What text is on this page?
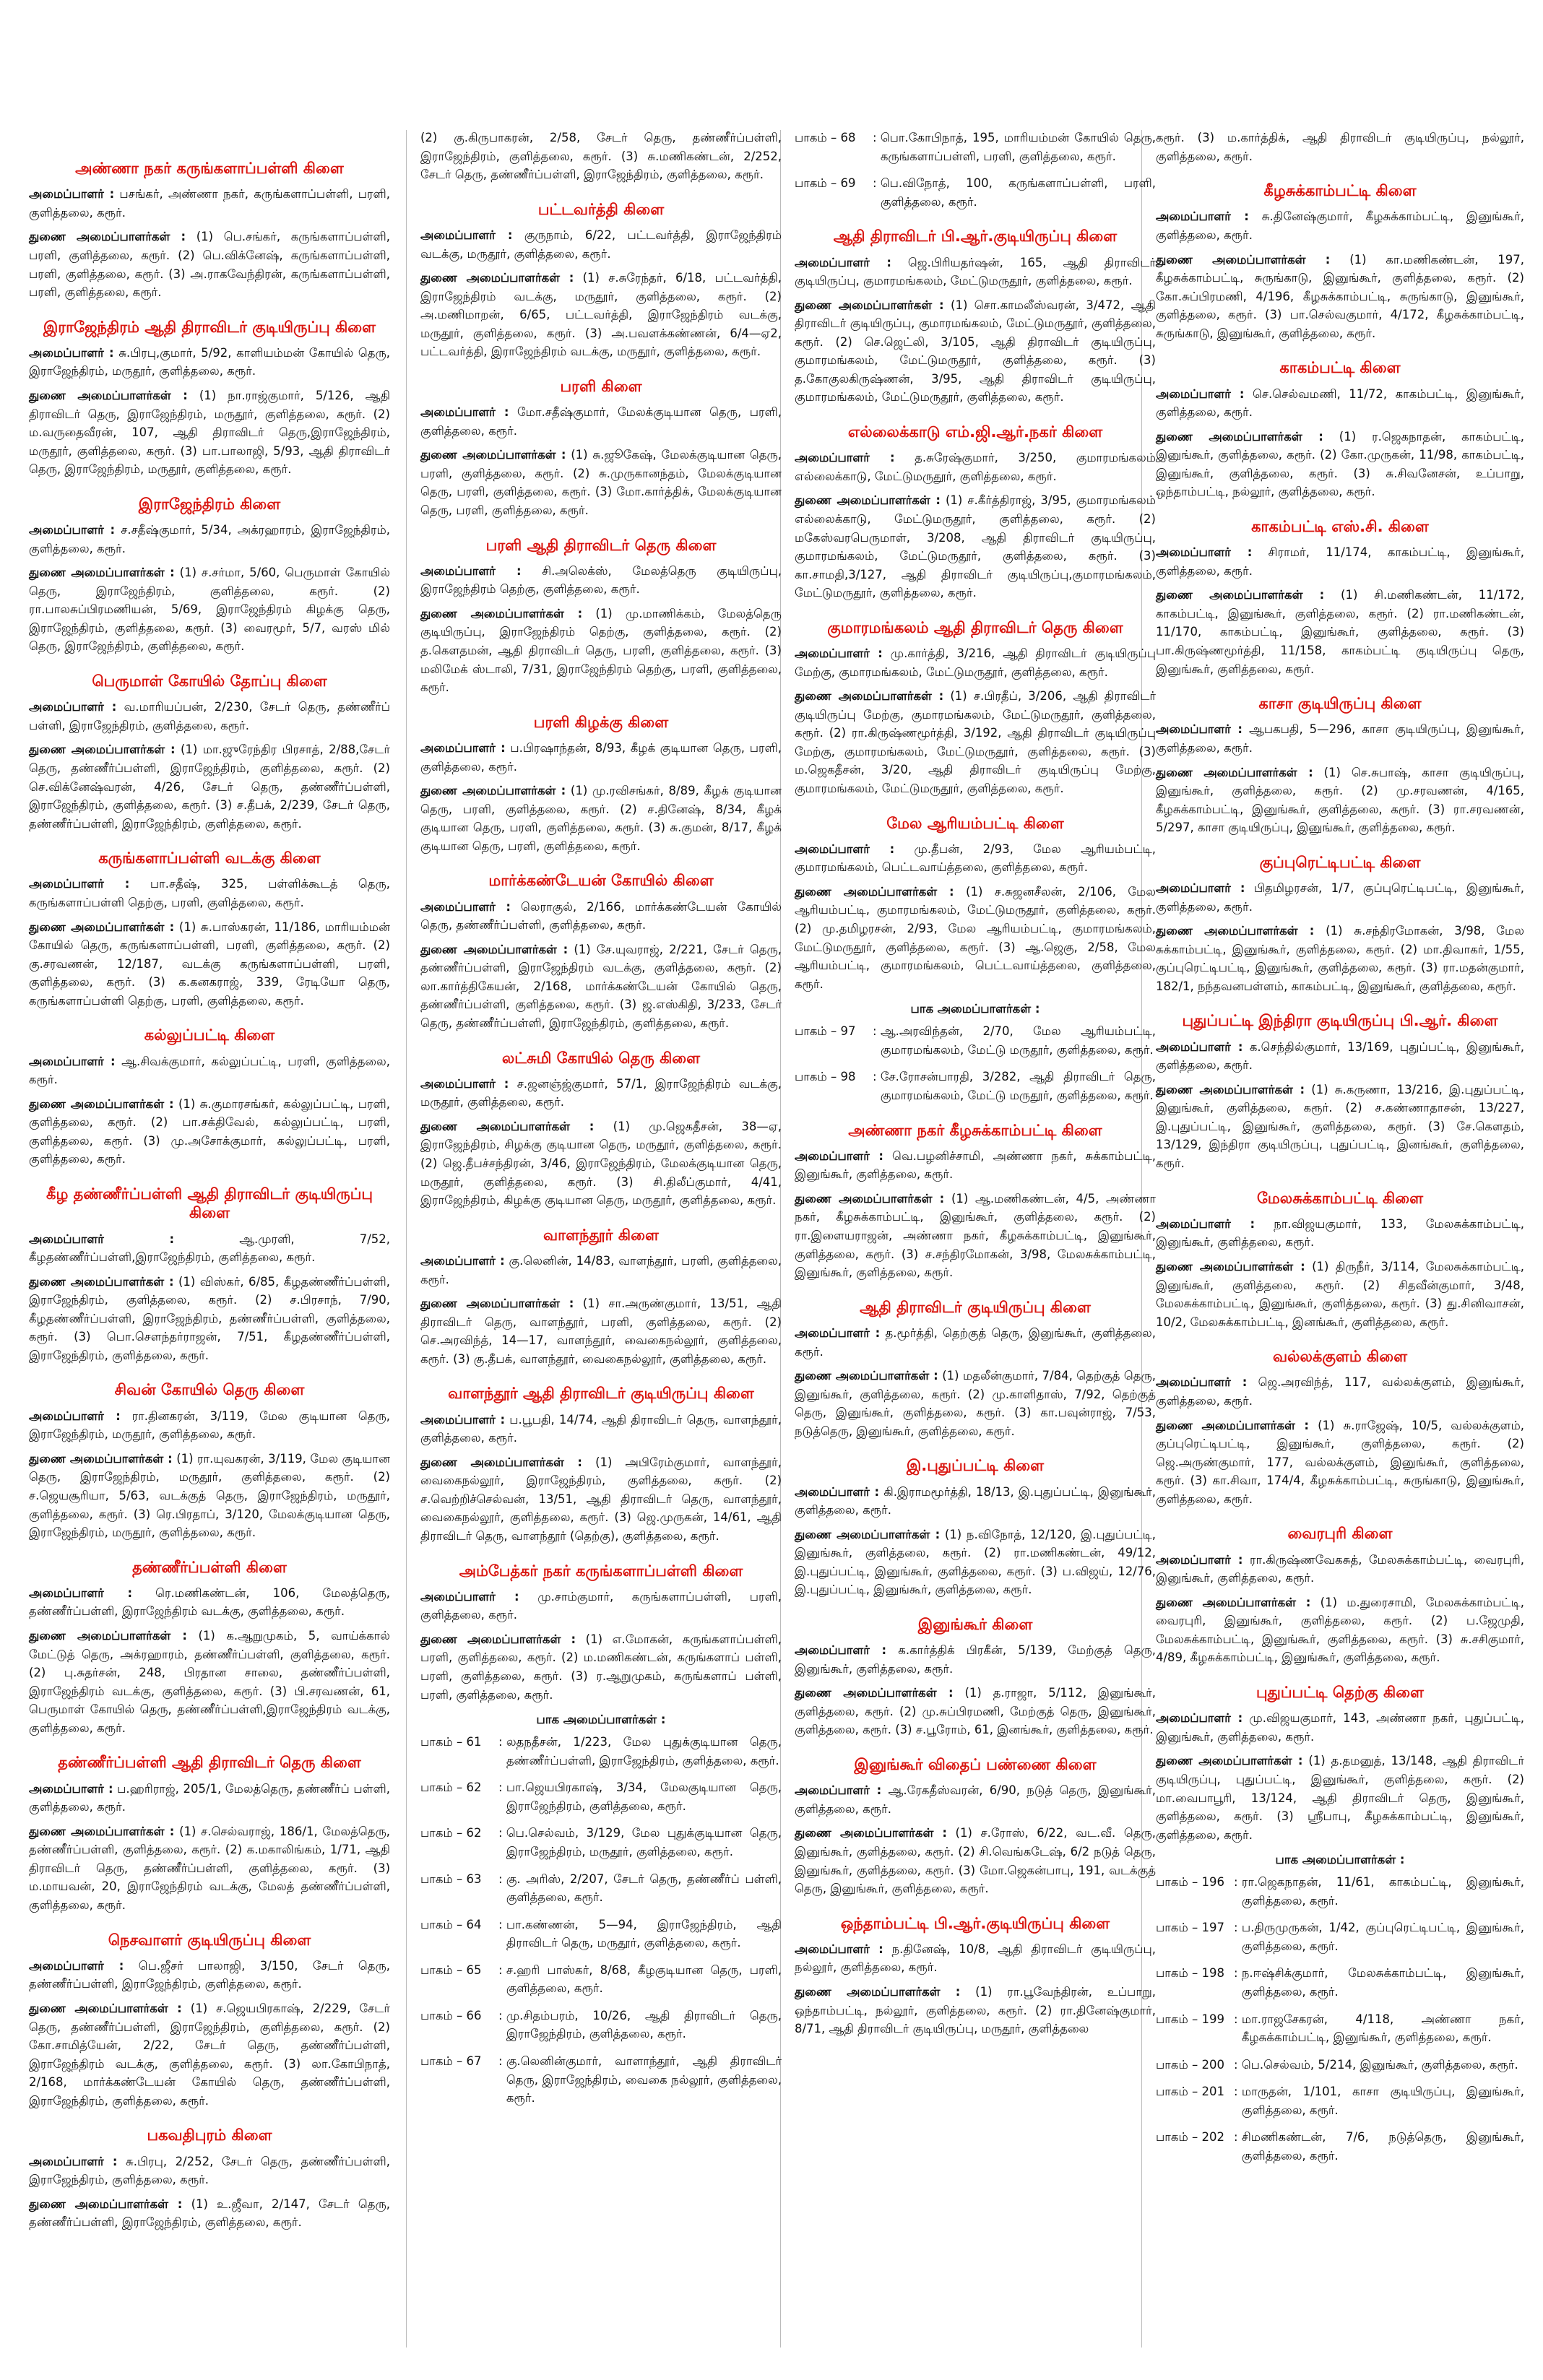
அண்ணா நகர் கருங்களாப்பள்ளி கிளை

அமைப்பாளர் : பசங்கர், அண்ணா நகர், கருங்களாப்பள்ளி, பரளி, குளித்தலை, கரூர்.

துணை அமைப்பாளர்கள் : (1) பெ.சங்கர், கருங்களாப்பள்ளி, பரளி, குளித்தலை, கரூர். (2) பெ.விக்னேஷ், கருங்களாப்பள்ளி, பரளி, குளித்தலை, கரூர். (3) அ.ராகவேந்திரன், கருங்களாப்பள்ளி, பரளி, குளித்தலை, கரூர்.

இராஜேந்திரம் ஆதி திராவிடர் குடியிருப்பு கிளை

அமைப்பாளர் : சு.பிரபு,குமார், 5/92, காளியம்மன் கோயில் தெரு, இராஜேந்திரம், மருதூர், குளித்தலை, கரூர்.

துணை அமைப்பாளர்கள் : (1) நா.ராஜ்குமார், 5/126, ஆதி திராவிடர் தெரு, இராஜேந்திரம், மருதூர், குளித்தலை, கரூர். (2) ம.வருதைவீரன், 107, ஆதி திராவிடர் தெரு,இராஜேந்திரம், மருதூர், குளித்தலை, கரூர். (3) பா.பாலாஜி, 5/93, ஆதி திராவிடர் தெரு, இராஜேந்திரம், மருதூர், குளித்தலை, கரூர்.

இராஜேந்திரம் கிளை

அமைப்பாளர் : ச.சதீஷ்குமார், 5/34, அக்ரஹாரம், இராஜேந்திரம், குளித்தலை, கரூர்.

துணை அமைப்பாளர்கள் : (1) ச.சர்மா, 5/60, பெருமாள் கோயில் தெரு, இராஜேந்திரம், குளித்தலை, கரூர். (2) ரா.பாலசுப்பிரமணியன், 5/69, இராஜேந்திரம் கிழக்கு தெரு, இராஜேந்திரம், குளித்தலை, கரூர். (3) வைரமூர், 5/7, வரஸ் மில் தெரு, இராஜேந்திரம், குளித்தலை, கரூர்.

பெருமாள் கோயில் தோப்பு கிளை

அமைப்பாளர் : வ.மாரியப்பன், 2/230, சேடர் தெரு, தண்ணீர்ப் பள்ளி, இராஜேந்திரம், குளித்தலை, கரூர்.

துணை அமைப்பாளர்கள் : (1) மா.ஜுரேந்திர பிரசாத், 2/88,சேடர் தெரு, தண்ணீர்ப்பள்ளி, இராஜேந்திரம், குளித்தலை, கரூர். (2) செ.விக்னேஷ்வரன், 4/26, சேடர் தெரு, தண்ணீர்ப்பள்ளி, இராஜேந்திரம், குளித்தலை, கரூர். (3) ச.தீபக், 2/239, சேடர் தெரு, தண்ணீர்ப்பள்ளி, இராஜேந்திரம், குளித்தலை, கரூர்.

கருங்களாப்பள்ளி வடக்கு கிளை

அமைப்பாளர் : பா.சதீஷ், 325, பள்ளிக்கூடத் தெரு, கருங்களாப்பள்ளி தெற்கு, பரளி, குளித்தலை, கரூர்.

துணை அமைப்பாளர்கள் : (1) சு.பாஸ்கரன், 11/186, மாரியம்மன் கோயில் தெரு, கருங்களாப்பள்ளி, பரளி, குளித்தலை, கரூர். (2) கு.சரவணன், 12/187, வடக்கு கருங்களாப்பள்ளி, பரளி, குளித்தலை, கரூர். (3) க.கனகராஜ், 339, ரேடியோ தெரு, கருங்களாப்பள்ளி தெற்கு, பரளி, குளித்தலை, கரூர்.

கல்லுப்பட்டி கிளை

அமைப்பாளர் : ஆ.சிவக்குமார், கல்லுப்பட்டி, பரளி, குளித்தலை, கரூர்.

துணை அமைப்பாளர்கள் : (1) சு.குமாரசங்கர், கல்லுப்பட்டி, பரளி, குளித்தலை, கரூர். (2) பா.சக்திவேல், கல்லுப்பட்டி, பரளி, குளித்தலை, கரூர். (3) மு.அசோக்குமார், கல்லுப்பட்டி, பரளி, குளித்தலை, கரூர்.

கீழ தண்ணீர்ப்பள்ளி ஆதி திராவிடர் குடியிருப்பு கிளை

அமைப்பாளர் :	ஆ.முரளி, 7/52, கீழதண்ணீர்ப்பள்ளி,இராஜேந்திரம், குளித்தலை, கரூர்.

துணை அமைப்பாளர்கள் : (1) விஸ்கர், 6/85, கீழதண்ணீர்ப்பள்ளி, இராஜேந்திரம், குளித்தலை, கரூர். (2) ச.பிரசாந், 7/90, கீழதண்ணீர்ப்பள்ளி, இராஜேந்திரம், தண்ணீர்ப்பள்ளி, குளித்தலை, கரூர். (3) பொ.செளந்தர்ராஜன், 7/51, கீழதண்ணீர்ப்பள்ளி, இராஜேந்திரம், குளித்தலை, கரூர்.

சிவன் கோயில் தெரு கிளை

அமைப்பாளர் : ரா.தினகரன், 3/119, மேல குடியான தெரு, இராஜேந்திரம், மருதூர், குளித்தலை, கரூர்.

துணை அமைப்பாளர்கள் : (1) ரா.யுவகரன், 3/119, மேல குடியான தெரு, இராஜேந்திரம், மருதூர், குளித்தலை, கரூர். (2) ச.ஜெயசூரியா, 5/63, வடக்குத் தெரு, இராஜேந்திரம், மருதூர், குளித்தலை, கரூர். (3) ரெ.பிரதாப், 3/120, மேலக்குடியான தெரு, இராஜேந்திரம், மருதூர், குளித்தலை, கரூர்.

தண்ணீர்ப்பள்ளி கிளை

அமைப்பாளர் : ரெ.மணிகண்டன், 106, மேலத்தெரு, தண்ணீர்ப்பள்ளி, இராஜேந்திரம் வடக்கு, குளித்தலை, கரூர்.

துணை அமைப்பாளர்கள் : (1) க.ஆறுமுகம், 5, வாய்க்கால் மேட்டுத் தெரு, அக்ரஹாரம், தண்ணீர்ப்பள்ளி, குளித்தலை, கரூர். (2) பு.சுதர்சன், 248, பிரதான சாலை, தண்ணீர்ப்பள்ளி, இராஜேந்திரம் வடக்கு, குளித்தலை, கரூர். (3) பி.சரவணன், 61, பெருமாள் கோயில் தெரு, தண்ணீர்ப்பள்ளி,இராஜேந்திரம் வடக்கு, குளித்தலை, கரூர்.

தண்ணீர்ப்பள்ளி ஆதி திராவிடர் தெரு கிளை

அமைப்பாளர் : ப.ஹரிராஜ், 205/1, மேலத்தெரு, தண்ணீர்ப் பள்ளி, குளித்தலை, கரூர்.

துணை அமைப்பாளர்கள் : (1) ச.செல்வராஜ், 186/1, மேலத்தெரு, தண்ணீர்ப்பள்ளி, குளித்தலை, கரூர். (2) க.மகாலிங்கம், 1/71, ஆதி திராவிடர் தெரு, தண்ணீர்ப்பள்ளி, குளித்தலை, கரூர். (3) ம.மாயவன், 20, இராஜேந்திரம் வடக்கு, மேலத் தண்ணீர்ப்பள்ளி, குளித்தலை, கரூர்.

நெசவாளர் குடியிருப்பு கிளை

அமைப்பாளர் : பெ.ஜீசர் பாலாஜி, 3/150, சேடர் தெரு, தண்ணீர்ப்பள்ளி, இராஜேந்திரம், குளித்தலை, கரூர்.

துணை அமைப்பாளர்கள் : (1) ச.ஜெயபிரகாஷ், 2/229, சேடர் தெரு, தண்ணீர்ப்பள்ளி, இராஜேந்திரம், குளித்தலை, கரூர். (2) கோ.சாமித்யேன், 2/22, சேடர் தெரு, தண்ணீர்ப்பள்ளி, இராஜேந்திரம் வடக்கு, குளித்தலை, கரூர். (3) லா.கோபிநாத், 2/168, மார்க்கண்டேயன் கோயில் தெரு, தண்ணீர்ப்பள்ளி, இராஜேந்திரம், குளித்தலை, கரூர்.

பகவதிபுரம் கிளை

அமைப்பாளர் : சு.பிரபு, 2/252, சேடர் தெரு, தண்ணீர்ப்பள்ளி, இராஜேந்திரம், குளித்தலை, கரூர்.

துணை அமைப்பாளர்கள் : (1) உ.ஜீவா, 2/147, சேடர் தெரு, தண்ணீர்ப்பள்ளி, இராஜேந்திரம், குளித்தலை, கரூர்.

(2) கு.கிருபாகரன், 2/58, சேடர் தெரு, தண்ணீர்ப்பள்ளி, இராஜேந்திரம், குளித்தலை, கரூர். (3) சு.மணிகண்டன், 2/252, சேடர் தெரு, தண்ணீர்ப்பள்ளி, இராஜேந்திரம், குளித்தலை, கரூர்.

பட்டவர்த்தி கிளை

அமைப்பாளர் : குருநாம், 6/22, பட்டவர்த்தி, இராஜேந்திரம் வடக்கு, மருதூர், குளித்தலை, கரூர்.

துணை அமைப்பாளர்கள் : (1) ச.சுரேந்தர், 6/18, பட்டவர்த்தி, இராஜேந்திரம் வடக்கு, மருதூர், குளித்தலை, கரூர். (2) அ.மணிமாறன், 6/65, பட்டவர்த்தி, இராஜேந்திரம் வடக்கு, மருதூர், குளித்தலை, கரூர். (3) அ.பவளக்கண்ணன், 6/4—ஏ2, பட்டவர்த்தி, இராஜேந்திரம் வடக்கு, மருதூர், குளித்தலை, கரூர்.

பரளி கிளை

அமைப்பாளர் : மோ.சதீஷ்குமார், மேலக்குடியான தெரு, பரளி, குளித்தலை, கரூர்.

துணை அமைப்பாளர்கள் : (1) சு.ஜூகேஷ், மேலக்குடியான தெரு, பரளி, குளித்தலை, கரூர். (2) சு.முருகானந்தம், மேலக்குடியான தெரு, பரளி, குளித்தலை, கரூர். (3) மோ.கார்த்திக், மேலக்குடியான தெரு, பரளி, குளித்தலை, கரூர்.

பரளி ஆதி திராவிடர் தெரு கிளை

அமைப்பாளர் : சி.அலெக்ஸ், மேலத்தெரு குடியிருப்பு, இராஜேந்திரம் தெற்கு, குளித்தலை, கரூர்.

துணை அமைப்பாளர்கள் : (1) மு.மாணிக்கம், மேலத்தெரு குடியிருப்பு, இராஜேந்திரம் தெற்கு, குளித்தலை, கரூர். (2) த.கௌதமன், ஆதி திராவிடர் தெரு, பரளி, குளித்தலை, கரூர். (3) மலிமேக் ஸ்டாலி, 7/31, இராஜேந்திரம் தெற்கு, பரளி, குளித்தலை, கரூர்.

பரளி கிழக்கு கிளை

அமைப்பாளர் : ப.பிரஷாந்தன், 8/93, கீழக் குடியான தெரு, பரளி, குளித்தலை, கரூர்.

துணை அமைப்பாளர்கள் : (1) மு.ரவிசங்கர், 8/89, கீழக் குடியான தெரு, பரளி, குளித்தலை, கரூர். (2) ச.தினேஷ், 8/34, கீழக் குடியான தெரு, பரளி, குளித்தலை, கரூர். (3) சு.குமன், 8/17, கீழக் குடியான தெரு, பரளி, குளித்தலை, கரூர்.

மார்க்கண்டேயன் கோயில் கிளை

அமைப்பாளர் : லெராகுல், 2/166, மார்க்கண்டேயன் கோயில் தெரு, தண்ணீர்ப்பள்ளி, குளித்தலை, கரூர்.

துணை அமைப்பாளர்கள் : (1) சே.யுவராஜ், 2/221, சேடர் தெரு, தண்ணீர்ப்பள்ளி, இராஜேந்திரம் வடக்கு, குளித்தலை, கரூர். (2) லா.கார்த்திகேயன், 2/168, மார்க்கண்டேயன் கோயில் தெரு, தண்ணீர்ப்பள்ளி, குளித்தலை, கரூர். (3) ஜ.எஸ்கிதி, 3/233, சேடர் தெரு, தண்ணீர்ப்பள்ளி, இராஜேந்திரம், குளித்தலை, கரூர்.

லட்சுமி கோயில் தெரு கிளை

அமைப்பாளர் : ச.ஜனஞ்ஜ்குமார், 57/1, இராஜேந்திரம் வடக்கு, மருதூர், குளித்தலை, கரூர்.

துணை அமைப்பாளர்கள் : (1) மு.ஜெகதீசன், 38—ஏ, இராஜேந்திரம், சிழக்கு குடியான தெரு, மருதூர், குளித்தலை, கரூர். (2) ஜெ.தீபச்சந்திரன், 3/46, இராஜேந்திரம், மேலக்குடியான தெரு, மருதூர், குளித்தலை, கரூர். (3) சி.திலீப்குமார், 4/41, இராஜேந்திரம், கிழக்கு குடியான தெரு, மருதூர், குளித்தலை, கரூர்.

வாளந்தூர் கிளை

அமைப்பாளர் : கு.லெனின், 14/83, வாளந்தூர், பரளி, குளித்தலை, கரூர்.

துணை அமைப்பாளர்கள் : (1) சா.அருண்குமார், 13/51, ஆதி திராவிடர் தெரு, வாளந்தூர், பரளி, குளித்தலை, கரூர். (2) செ.அரவிந்த், 14—17, வாளந்தூர், வைகைநல்லூர், குளித்தலை, கரூர். (3) கு.தீபக், வாளந்தூர், வைகைநல்லூர், குளித்தலை, கரூர்.

வாளந்தூர் ஆதி திராவிடர் குடியிருப்பு கிளை

அமைப்பாளர் : ப.பூபதி, 14/74, ஆதி திராவிடர் தெரு, வாளந்தூர், குளித்தலை, கரூர்.

துணை அமைப்பாளர்கள் : (1) அபிரேம்குமார், வாளந்தூர், வைகைநல்லூர், இராஜேந்திரம், குளித்தலை, கரூர். (2) ச.வெற்றிச்செல்வன், 13/51, ஆதி திராவிடர் தெரு, வாளந்தூர், வைகைநல்லூர், குளித்தலை, கரூர். (3) ஜெ.முருகன், 14/61, ஆதி திராவிடர் தெரு, வாளந்தூர் (தெற்கு), குளித்தலை, கரூர்.

அம்பேத்கர் நகர் கருங்களாப்பள்ளி கிளை

அமைப்பாளர் : மு.சாம்குமார், கருங்களாப்பள்ளி, பரளி, குளித்தலை, கரூர்.

துணை அமைப்பாளர்கள் : (1) எ.மோகன், கருங்களாப்பள்ளி, பரளி, குளித்தலை, கரூர். (2) ம.மணிகண்டன், கருங்களாப் பள்ளி, பரளி, குளித்தலை, கரூர். (3) ர.ஆறுமுகம், கருங்களாப் பள்ளி, பரளி, குளித்தலை, கரூர்.

பாக அமைப்பாளர்கள் :
பாகம் – 61	: லதநதீசன், 1/223, மேல புதுக்குடியான தெரு, தண்ணீர்ப்பள்ளி, இராஜேந்திரம், குளித்தலை, கரூர்.
பாகம் – 62	: பா.ஜெயபிரகாஷ், 3/34, மேலகுடியான தெரு, இராஜேந்திரம், குளித்தலை, கரூர்.
பாகம் – 62	: பெ.செல்வம், 3/129, மேல புதுக்குடியான தெரு, இராஜேந்திரம், மருதூர், குளித்தலை, கரூர்.
பாகம் – 63	: கு. அரிஸ், 2/207, சேடர் தெரு, தண்ணீர்ப் பள்ளி, குளித்தலை, கரூர்.
பாகம் – 64	: பா.கண்ணன், 5—94, இராஜேந்திரம், ஆதி திராவிடர் தெரு, மருதூர், குளித்தலை, கரூர்.
பாகம் – 65	: ச.ஹரி பாஸ்கர், 8/68, கீழகுடியான தெரு, பரளி, குளித்தலை, கரூர்.
பாகம் – 66	: மு.சிதம்பரம், 10/26, ஆதி திராவிடர் தெரு, இராஜேந்திரம், குளித்தலை, கரூர்.
பாகம் – 67	: கு.லெனின்குமார், வாளாந்தூர், ஆதி திராவிடர் தெரு, இராஜேந்திரம், வைகை நல்லூர், குளித்தலை, கரூர்.
பாகம் – 68	: பொ.கோபிநாத், 195, மாரியம்மன் கோயில் தெரு, கருங்களாப்பள்ளி, பரளி, குளித்தலை, கரூர்.
பாகம் – 69	: பெ.விநோத், 100, கருங்களாப்பள்ளி, பரளி, குளித்தலை, கரூர்.
ஆதி திராவிடர் பி.ஆர்.குடியிருப்பு கிளை

அமைப்பாளர் : ஜெ.பிரியதர்ஷன், 165, ஆதி திராவிடர் குடியிருப்பு, குமாரமங்கலம், மேட்டுமருதூர், குளித்தலை, கரூர்.

துணை அமைப்பாளர்கள் : (1) சொ.காமலீஸ்வரன், 3/472, ஆதி திராவிடர் குடியிருப்பு, குமாரமங்கலம், மேட்டுமருதூர், குளித்தலை, கரூர். (2) செ.ஜெட்லி, 3/105, ஆதி திராவிடர் குடியிருப்பு, குமாரமங்கலம், மேட்டுமருதூர், குளித்தலை, கரூர். (3) த.கோகுலகிருஷ்ணன், 3/95, ஆதி திராவிடர் குடியிருப்பு, குமாரமங்கலம், மேட்டுமருதூர், குளித்தலை, கரூர்.

எல்லைக்காடு எம்.ஜி.ஆர்.நகர் கிளை

அமைப்பாளர் : த.சுரேஷ்குமார், 3/250, குமாரமங்கலம் எல்லைக்காடு, மேட்டுமருதூர், குளித்தலை, கரூர்.

துணை அமைப்பாளர்கள் : (1) ச.கீர்த்திராஜ், 3/95, குமாரமங்கலம் எல்லைக்காடு, மேட்டுமருதூர், குளித்தலை, கரூர். (2) மகேஸ்வரபெருமாள், 3/208, ஆதி திராவிடர் குடியிருப்பு, குமாரமங்கலம், மேட்டுமருதூர், குளித்தலை, கரூர். (3) கா.சாமதி,3/127, ஆதி திராவிடர் குடியிருப்பு,குமாரமங்கலம், மேட்டுமருதூர், குளித்தலை, கரூர்.

குமாரமங்கலம் ஆதி திராவிடர் தெரு கிளை

அமைப்பாளர் : மு.கார்த்தி, 3/216, ஆதி திராவிடர் குடியிருப்பு மேற்கு, குமாரமங்கலம், மேட்டுமருதூர், குளித்தலை, கரூர்.

துணை அமைப்பாளர்கள் : (1) ச.பிரதீப், 3/206, ஆதி திராவிடர் குடியிருப்பு மேற்கு, குமாரமங்கலம், மேட்டுமருதூர், குளித்தலை, கரூர். (2) ரா.கிருஷ்ணமூர்த்தி, 3/192, ஆதி திராவிடர் குடியிருப்பு மேற்கு, குமாரமங்கலம், மேட்டுமருதூர், குளித்தலை, கரூர். (3) ம.ஜெகதீசன், 3/20, ஆதி திராவிடர் குடியிருப்பு மேற்கு, குமாரமங்கலம், மேட்டுமருதூர், குளித்தலை, கரூர்.

மேல ஆரியம்பட்டி கிளை

அமைப்பாளர் : மு.தீபன், 2/93, மேல ஆரியம்பட்டி, குமாரமங்கலம், பெட்டவாய்த்தலை, குளித்தலை, கரூர்.

துணை அமைப்பாளர்கள் : (1) ச.சுஜனசீலன், 2/106, மேல ஆரியம்பட்டி, குமாரமங்கலம், மேட்டுமருதூர், குளித்தலை, கரூர். (2) மு.தமிழரசன், 2/93, மேல ஆரியம்பட்டி, குமாரமங்கலம், மேட்டுமருதூர், குளித்தலை, கரூர். (3) ஆ.ஜெகு, 2/58, மேல ஆரியம்பட்டி, குமாரமங்கலம், பெட்டவாய்த்தலை, குளித்தலை, கரூர்.

பாக அமைப்பாளர்கள் :
பாகம் – 97	: ஆ.அரவிந்தன், 2/70, மேல ஆரியம்பட்டி, குமாரமங்கலம், மேட்டு மருதூர், குளித்தலை, கரூர்.
பாகம் – 98	: சே.ரோசன்பாரதி, 3/282, ஆதி திராவிடர் தெரு, குமாரமங்கலம், மேட்டு மருதூர், குளித்தலை, கரூர்.
அண்ணா நகர் கீழசுக்காம்பட்டி கிளை

அமைப்பாளர் : வெ.பழனிச்சாமி, அண்ணா நகர், சுக்காம்பட்டி, இனுங்கூர், குளித்தலை, கரூர்.

துணை அமைப்பாளர்கள் : (1) ஆ.மணிகண்டன், 4/5, அண்ணா நகர், கீழசுக்காம்பட்டி, இனுங்கூர், குளித்தலை, கரூர். (2) ரா.இளையராஜன், அண்ணா நகர், கீழசுக்காம்பட்டி, இனுங்கூர், குளித்தலை, கரூர். (3) ச.சந்திரமோகன், 3/98, மேலசுக்காம்பட்டி, இனுங்கூர், குளித்தலை, கரூர்.

ஆதி திராவிடர் குடியிருப்பு கிளை

அமைப்பாளர் : த.மூர்த்தி, தெற்குத் தெரு, இனுங்கூர், குளித்தலை, கரூர்.

துணை அமைப்பாளர்கள் : (1) மதலீன்குமார், 7/84, தெற்குத் தெரு, இனுங்கூர், குளித்தலை, கரூர். (2) மு.காளிதாஸ், 7/92, தெற்குத் தெரு, இனுங்கூர், குளித்தலை, கரூர். (3) கா.பவுன்ராஜ், 7/53, நடுத்தெரு, இனுங்கூர், குளித்தலை, கரூர்.

இ.புதுப்பட்டி கிளை

அமைப்பாளர் : கி.இராமமூர்த்தி, 18/13, இ.புதுப்பட்டி, இனுங்கூர், குளித்தலை, கரூர்.

துணை அமைப்பாளர்கள் : (1) ந.விநோத், 12/120, இ.புதுப்பட்டி, இனுங்கூர், குளித்தலை, கரூர். (2) ரா.மணிகண்டன், 49/12, இ.புதுப்பட்டி, இனுங்கூர், குளித்தலை, கரூர். (3) ப.விஜய், 12/76, இ.புதுப்பட்டி, இனுங்கூர், குளித்தலை, கரூர்.

இனுங்கூர் கிளை

அமைப்பாளர் : க.கார்த்திக் பிரகீன், 5/139, மேற்குத் தெரு, இனுங்கூர், குளித்தலை, கரூர்.

துணை அமைப்பாளர்கள் : (1) த.ராஜா, 5/112, இனுங்கூர், குளித்தலை, கரூர். (2) மு.சுப்பிரமணி, மேற்குத் தெரு, இனுங்கூர், குளித்தலை, கரூர். (3) ச.பூரோம், 61, இனங்கூர், குளித்தலை, கரூர்.

இனுங்கூர் விதைப் பண்ணை கிளை

அமைப்பாளர் : ஆ.ரேகதீஸ்வரன், 6/90, நடுத் தெரு, இனுங்கூர், குளித்தலை, கரூர்.

துணை அமைப்பாளர்கள் : (1) ச.ரோஸ், 6/22, வட.வீ. தெரு, இனுங்கூர், குளித்தலை, கரூர். (2) சி.வெங்கடேஷ், 6/2 நடுத் தெரு, இனுங்கூர், குளித்தலை, கரூர். (3) மோ.ஜெகன்பாபு, 191, வடக்குத் தெரு, இனுங்கூர், குளித்தலை, கரூர்.

ஒந்தாம்பட்டி பி.ஆர்.குடியிருப்பு கிளை

அமைப்பாளர் : ந.தினேஷ், 10/8, ஆதி திராவிடர் குடியிருப்பு, நல்லூர், குளித்தலை, கரூர்.

துணை அமைப்பாளர்கள் : (1) ரா.பூவேந்திரன், உப்பாறு, ஒந்தாம்பட்டி, நல்லூர், குளித்தலை, கரூர். (2) ரா.தினேஷ்குமார், 8/71, ஆதி திராவிடர் குடியிருப்பு, மருதூர், குளித்தலை

கரூர். (3) ம.கார்த்திக், ஆதி திராவிடர் குடியிருப்பு, நல்லூர், குளித்தலை, கரூர்.

கீழசுக்காம்பட்டி கிளை

அமைப்பாளர் : சு.தினேஷ்குமார், கீழசுக்காம்பட்டி, இனுங்கூர், குளித்தலை, கரூர்.

துணை அமைப்பாளர்கள் : (1) கா.மணிகண்டன், 197, கீழசுக்காம்பட்டி, சுருங்காடு, இனுங்கூர், குளித்தலை, கரூர். (2) கோ.சுப்பிரமணி, 4/196, கீழசுக்காம்பட்டி, சுருங்காடு, இனுங்கூர், குளித்தலை, கரூர். (3) பா.செல்வகுமார், 4/172, கீழசுக்காம்பட்டி, சுருங்காடு, இனுங்கூர், குளித்தலை, கரூர்.

காகம்பட்டி கிளை

அமைப்பாளர் : செ.செல்வமணி, 11/72, காகம்பட்டி, இனுங்கூர், குளித்தலை, கரூர்.

துணை அமைப்பாளர்கள் : (1) ர.ஜெகநாதன், காகம்பட்டி, இனுங்கூர், குளித்தலை, கரூர். (2) கோ.முருகன், 11/98, காகம்பட்டி, இனுங்கூர், குளித்தலை, கரூர். (3) சு.சிவனேசன், உப்பாறு, ஒந்தாம்பட்டி, நல்லூர், குளித்தலை, கரூர்.

காகம்பட்டி எஸ்.சி. கிளை

அமைப்பாளர் : சிராமர், 11/174, காகம்பட்டி, இனுங்கூர், குளித்தலை, கரூர்.

துணை அமைப்பாளர்கள் : (1) சி.மணிகண்டன், 11/172, காகம்பட்டி, இனுங்கூர், குளித்தலை, கரூர். (2) ரா.மணிகண்டன், 11/170, காகம்பட்டி, இனுங்கூர், குளித்தலை, கரூர். (3) பா.கிருஷ்ணமூர்த்தி, 11/158, காகம்பட்டி குடியிருப்பு தெரு, இனுங்கூர், குளித்தலை, கரூர்.

காசா குடியிருப்பு கிளை

அமைப்பாளர் : ஆபகபதி, 5—296, காசா குடியிருப்பு, இனுங்கூர், குளித்தலை, கரூர்.

துணை அமைப்பாளர்கள் : (1) செ.சுபாஷ், காசா குடியிருப்பு, இனுங்கூர், குளித்தலை, கரூர். (2) மு.சரவணன், 4/165, கீழசுக்காம்பட்டி, இனுங்கூர், குளித்தலை, கரூர். (3) ரா.சரவணன், 5/297, காசா குடியிருப்பு, இனுங்கூர், குளித்தலை, கரூர்.

குப்புரெட்டிபட்டி கிளை

அமைப்பாளர் : பிதமிழரசன், 1/7, குப்புரெட்டிபட்டி, இனுங்கூர், குளித்தலை, கரூர்.

துணை அமைப்பாளர்கள் : (1) சு.சந்திரமோகன், 3/98, மேல சுக்காம்பட்டி, இனுங்கூர், குளித்தலை, கரூர். (2) மா.திவாகர், 1/55, குப்புரெட்டிபட்டி, இனுங்கூர், குளித்தலை, கரூர். (3) ரா.மதன்குமார், 182/1, நந்தவனபள்ளம், காகம்பட்டி, இனுங்கூர், குளித்தலை, கரூர்.

புதுப்பட்டி இந்திரா குடியிருப்பு பி.ஆர். கிளை

அமைப்பாளர் : க.செந்தில்குமார், 13/169, புதுப்பட்டி, இனுங்கூர், குளித்தலை, கரூர்.

துணை அமைப்பாளர்கள் : (1) சு.கருணா, 13/216, இ.புதுப்பட்டி, இனுங்கூர், குளித்தலை, கரூர். (2) ச.கண்ணாதாசன், 13/227, இ.புதுப்பட்டி, இனுங்கூர், குளித்தலை, கரூர். (3) சே.கௌதம், 13/129, இந்திரா குடியிருப்பு, புதுப்பட்டி, இனங்கூர், குளித்தலை, கரூர்.

மேலசுக்காம்பட்டி கிளை

அமைப்பாளர் : நா.விஜயகுமார், 133, மேலசுக்காம்பட்டி, இனுங்கூர், குளித்தலை, கரூர்.

துணை அமைப்பாளர்கள் : (1) திருநீர், 3/114, மேலசுக்காம்பட்டி, இனுங்கூர், குளித்தலை, கரூர். (2) சிதவீன்குமார், 3/48, மேலசுக்காம்பட்டி, இனுங்கூர், குளித்தலை, கரூர். (3) து.சினிவாசன், 10/2, மேலசுக்காம்பட்டி, இனங்கூர், குளித்தலை, கரூர்.

வல்லக்குளம் கிளை

அமைப்பாளர் : ஜெ.அரவிந்த், 117, வல்லக்குளம், இனுங்கூர், குளித்தலை, கரூர்.

துணை அமைப்பாளர்கள் : (1) சு.ராஜேஷ், 10/5, வல்லக்குளம், குப்புரெட்டிபட்டி, இனுங்கூர், குளித்தலை, கரூர். (2) ஜெ.அருண்குமார், 177, வல்லக்குளம், இனுங்கூர், குளித்தலை, கரூர். (3) கா.சிவா, 174/4, கீழசுக்காம்பட்டி, சுருங்காடு, இனுங்கூர், குளித்தலை, கரூர்.

வைரபுரி கிளை

அமைப்பாளர் : ரா.கிருஷ்ணவேகசுத், மேலசுக்காம்பட்டி, வைரபுரி, இனுங்கூர், குளித்தலை, கரூர்.

துணை அமைப்பாளர்கள் : (1) ம.துரைசாமி, மேலசுக்காம்பட்டி, வைரபுரி, இனுங்கூர், குளித்தலை, கரூர். (2) ப.ஜேமுதி, மேலசுக்காம்பட்டி, இனுங்கூர், குளித்தலை, கரூர். (3) சு.சசிகுமார், 4/89, கீழசுக்காம்பட்டி, இனுங்கூர், குளித்தலை, கரூர்.

புதுப்பட்டி தெற்கு கிளை

அமைப்பாளர் : மு.விஜயகுமார், 143, அண்ணா நகர், புதுப்பட்டி, இனுங்கூர், குளித்தலை, கரூர்.

துணை அமைப்பாளர்கள் : (1) த.தமனுத், 13/148, ஆதி திராவிடர் குடியிருப்பு, புதுப்பட்டி, இனுங்கூர், குளித்தலை, கரூர். (2) மா.வைபாபூரி, 13/124, ஆதி திராவிடர் தெரு, இனுங்கூர், குளித்தலை, கரூர். (3) ஸ்ரீபாபு, கீழசுக்காம்பட்டி, இனுங்கூர், குளித்தலை, கரூர்.

பாக அமைப்பாளர்கள் :
பாகம் – 196 : ரா.ஜெகநாதன், 11/61, காகம்பட்டி, இனுங்கூர், குளித்தலை, கரூர்.
பாகம் – 197 : ப.திருமுருகன், 1/42, குப்புரெட்டிபட்டி, இனுங்கூர், குளித்தலை, கரூர்.
பாகம் – 198 : ந.ஈஷ்சிக்குமார், மேலசுக்காம்பட்டி, இனுங்கூர், குளித்தலை, கரூர்.
பாகம் – 199 : மா.ராஜசேகரன், 4/118, அண்ணா நகர், கீழசுக்காம்பட்டி, இனுங்கூர், குளித்தலை, கரூர்.
பாகம் – 200 : பெ.செல்வம், 5/214, இனுங்கூர், குளித்தலை, கரூர்.
பாகம் – 201 : மாருதன், 1/101, காசா குடியிருப்பு, இனுங்கூர், குளித்தலை, கரூர்.
பாகம் – 202 : சிமணிகண்டன், 7/6, நடுத்தெரு, இனுங்கூர், குளித்தலை, கரூர்.
